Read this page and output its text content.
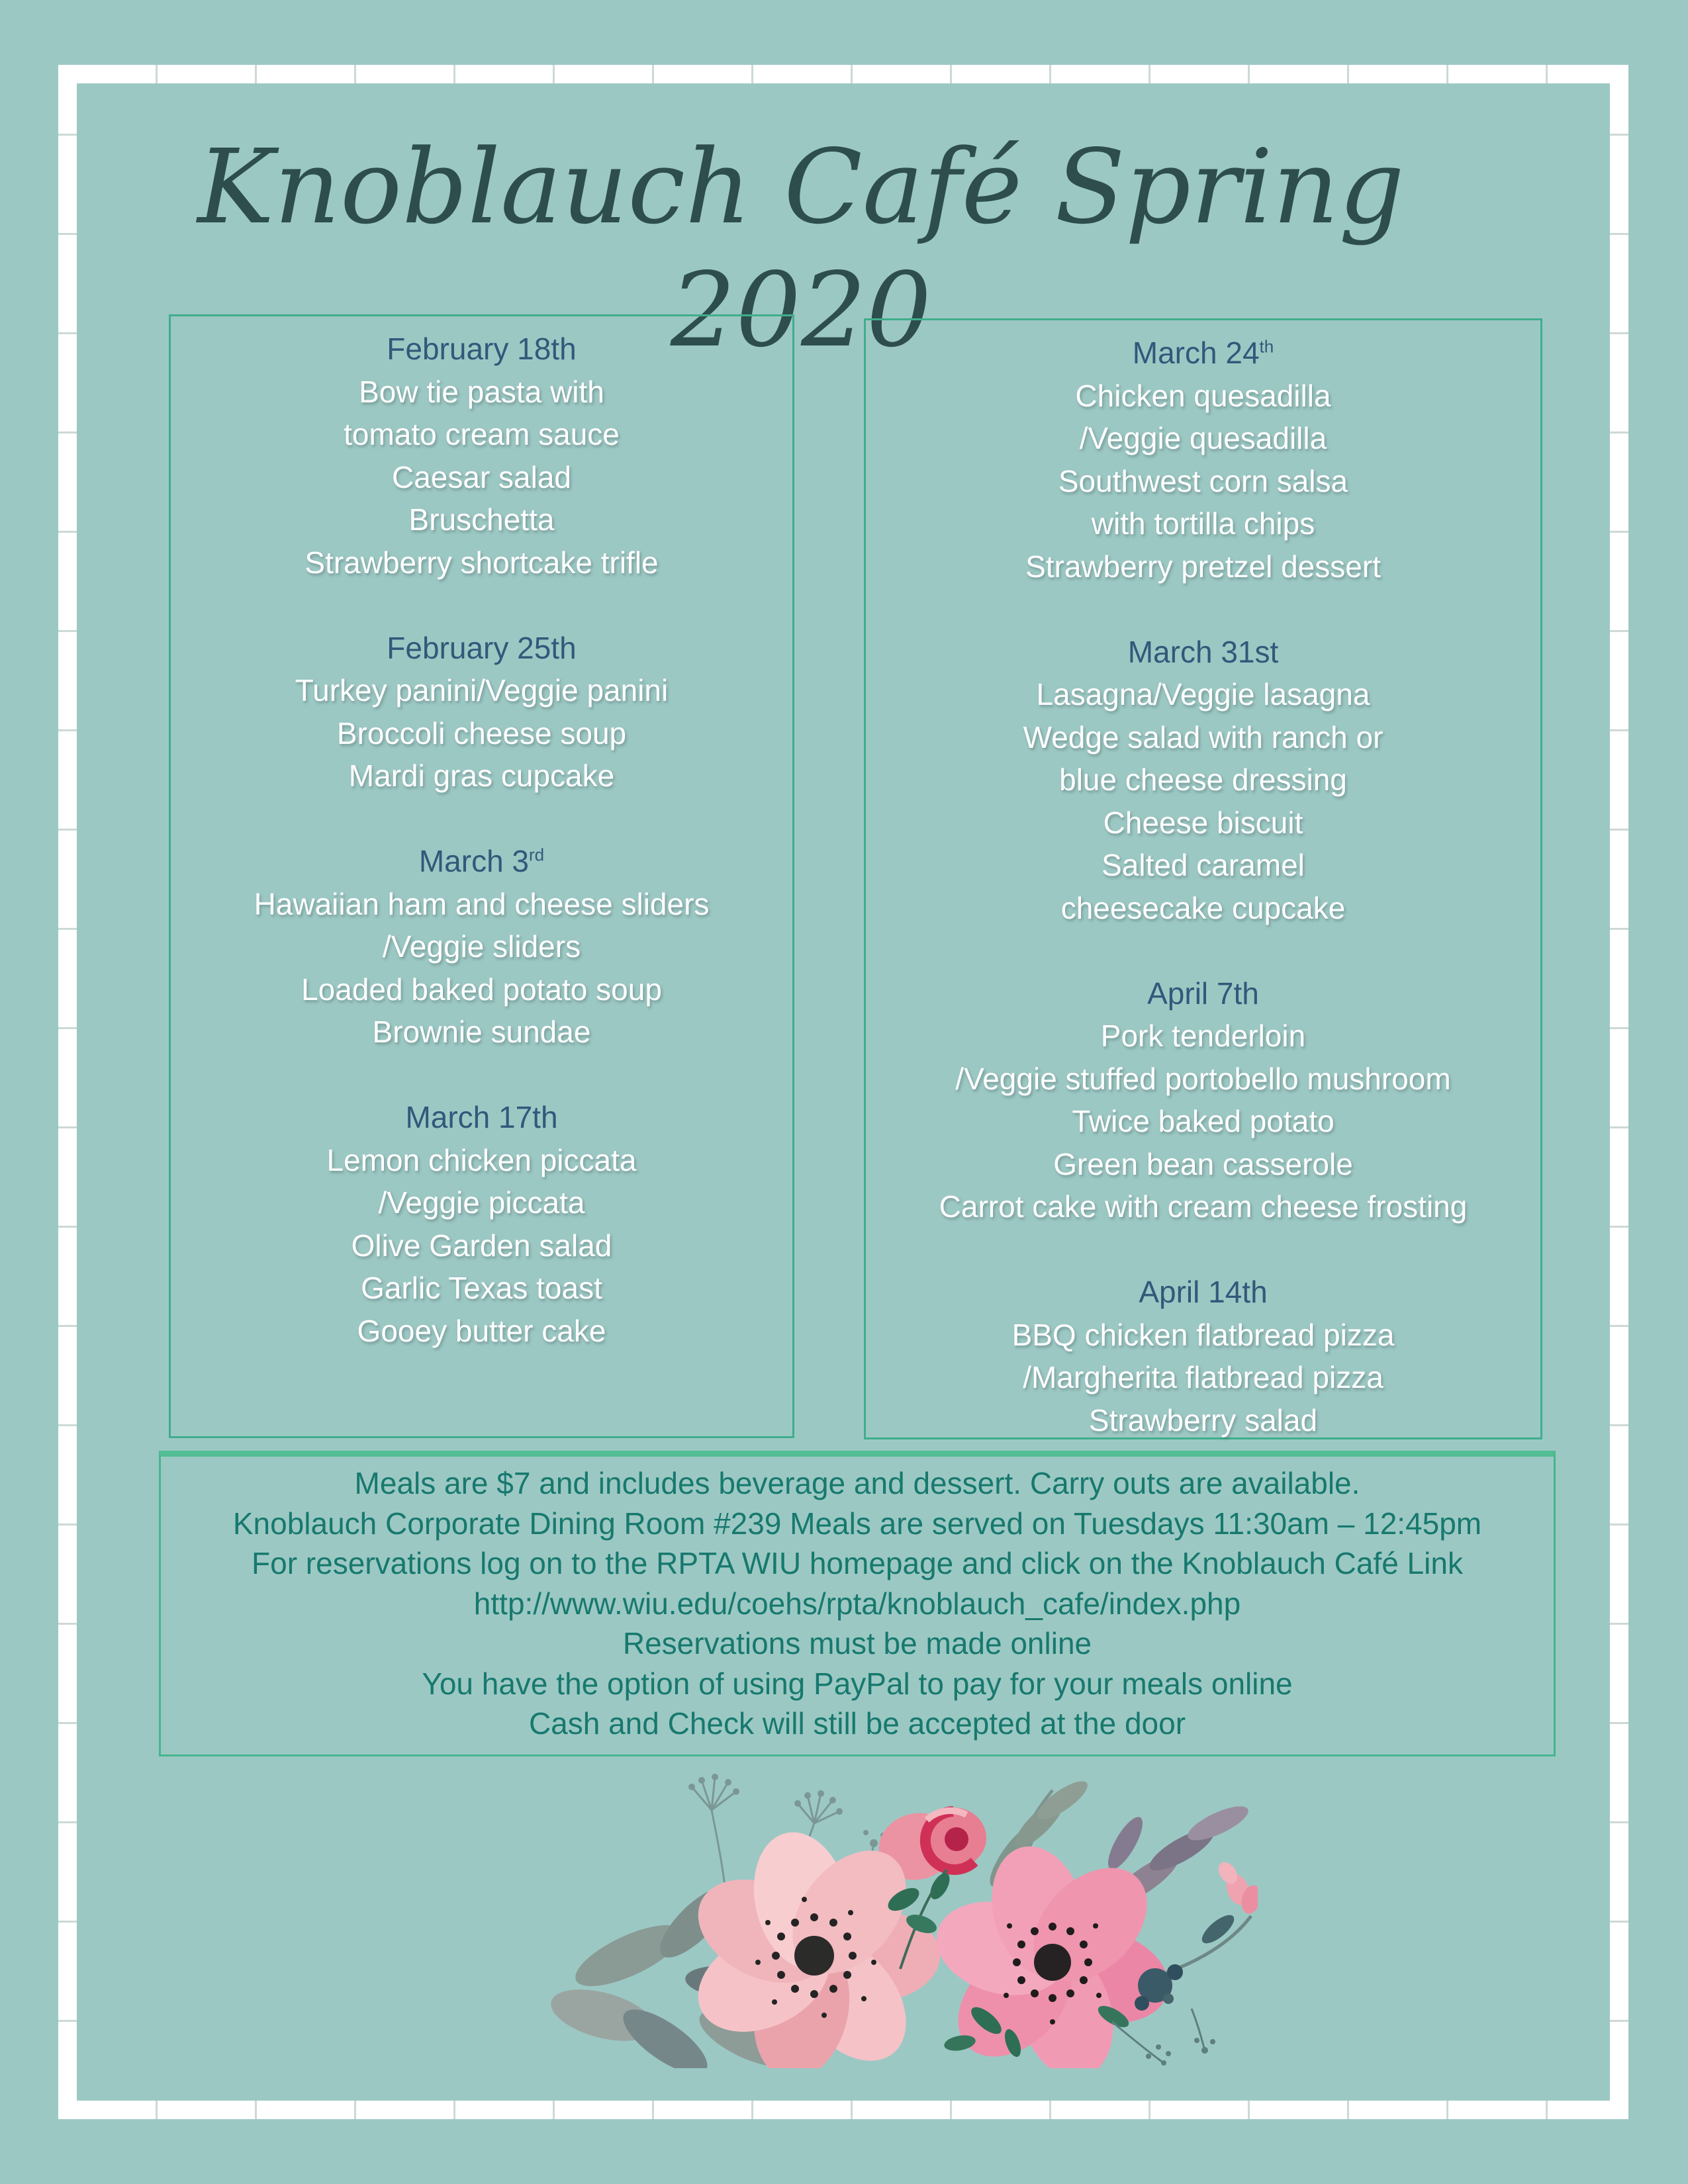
Knoblauch Café Spring 2020
February 18th
Bow tie pasta with
tomato cream sauce
Caesar salad
Bruschetta
Strawberry shortcake trifle
February 25th
Turkey panini/Veggie panini
Broccoli cheese soup
Mardi gras cupcake
March 3rd
Hawaiian ham and cheese sliders
/Veggie sliders
Loaded baked potato soup
Brownie sundae
March 17th
Lemon chicken piccata
/Veggie piccata
Olive Garden salad
Garlic Texas toast
Gooey butter cake
March 24th
Chicken quesadilla
/Veggie quesadilla
Southwest corn salsa
with tortilla chips
Strawberry pretzel dessert
March 31st
Lasagna/Veggie lasagna
Wedge salad with ranch or
blue cheese dressing
Cheese biscuit
Salted caramel
cheesecake cupcake
April 7th
Pork tenderloin
/Veggie stuffed portobello mushroom
Twice baked potato
Green bean casserole
Carrot cake with cream cheese frosting
April 14th
BBQ chicken flatbread pizza
/Margherita flatbread pizza
Strawberry salad
Meals are $7 and includes beverage and dessert. Carry outs are available.
Knoblauch Corporate Dining Room #239 Meals are served on Tuesdays 11:30am – 12:45pm
For reservations log on to the RPTA WIU homepage and click on the Knoblauch Café Link
http://www.wiu.edu/coehs/rpta/knoblauch_cafe/index.php
Reservations must be made online
You have the option of using PayPal to pay for your meals online
Cash and Check will still be accepted at the door
